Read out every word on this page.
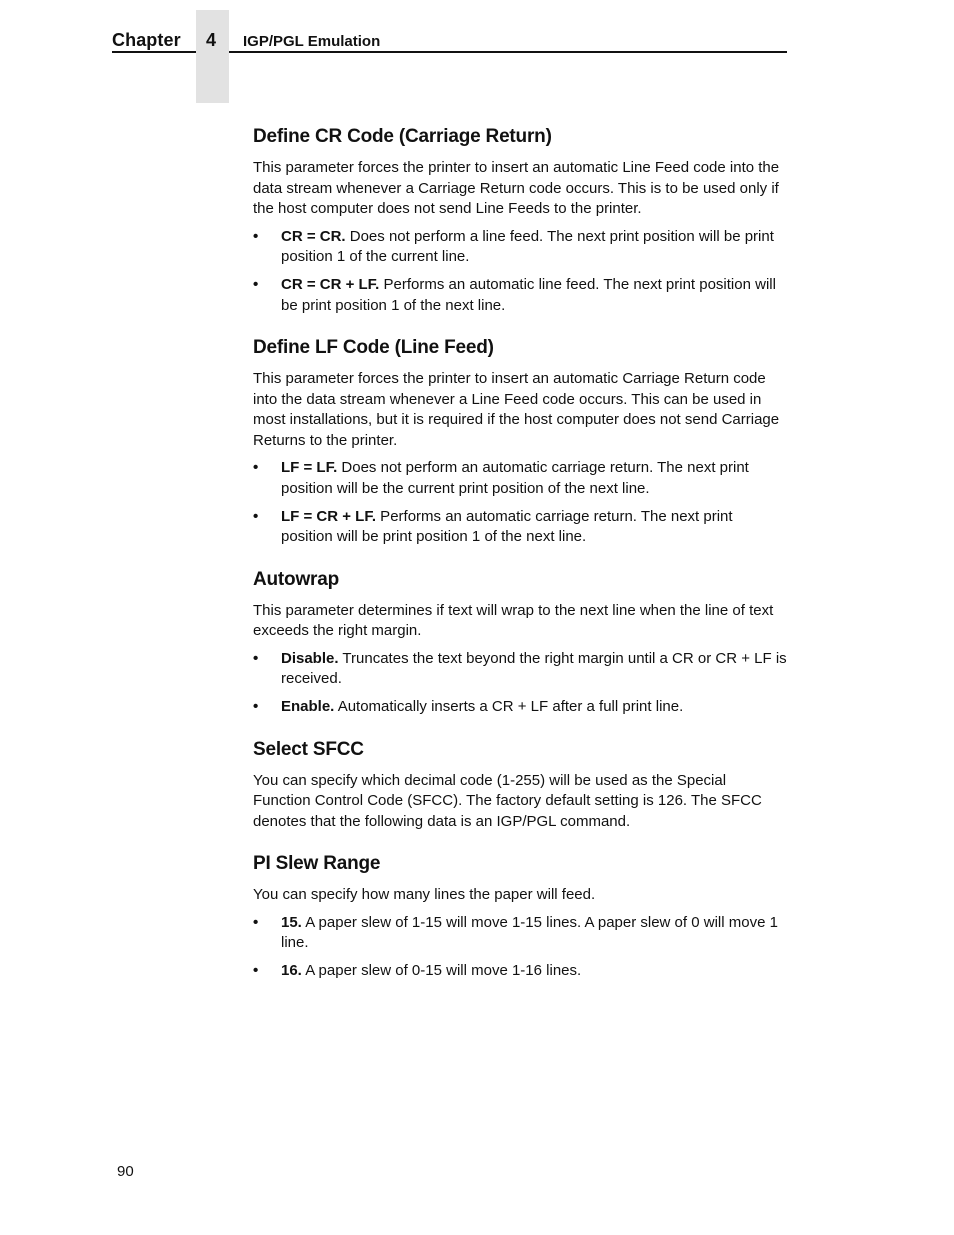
Chapter 4 IGP/PGL Emulation
Define CR Code (Carriage Return)

This parameter forces the printer to insert an automatic Line Feed code into the data stream whenever a Carriage Return code occurs. This is to be used only if the host computer does not send Line Feeds to the printer.

• CR = CR. Does not perform a line feed. The next print position will be print position 1 of the current line.
• CR = CR + LF. Performs an automatic line feed. The next print position will be print position 1 of the next line.
Define LF Code (Line Feed)

This parameter forces the printer to insert an automatic Carriage Return code into the data stream whenever a Line Feed code occurs. This can be used in most installations, but it is required if the host computer does not send Carriage Returns to the printer.

• LF = LF. Does not perform an automatic carriage return. The next print position will be the current print position of the next line.
• LF = CR + LF. Performs an automatic carriage return. The next print position will be print position 1 of the next line.
Autowrap

This parameter determines if text will wrap to the next line when the line of text exceeds the right margin.

• Disable. Truncates the text beyond the right margin until a CR or CR + LF is received.
• Enable. Automatically inserts a CR + LF after a full print line.
Select SFCC

You can specify which decimal code (1-255) will be used as the Special Function Control Code (SFCC). The factory default setting is 126. The SFCC denotes that the following data is an IGP/PGL command.

PI Slew Range

You can specify how many lines the paper will feed.

• 15. A paper slew of 1-15 will move 1-15 lines. A paper slew of 0 will move 1 line.
• 16. A paper slew of 0-15 will move 1-16 lines.
90
